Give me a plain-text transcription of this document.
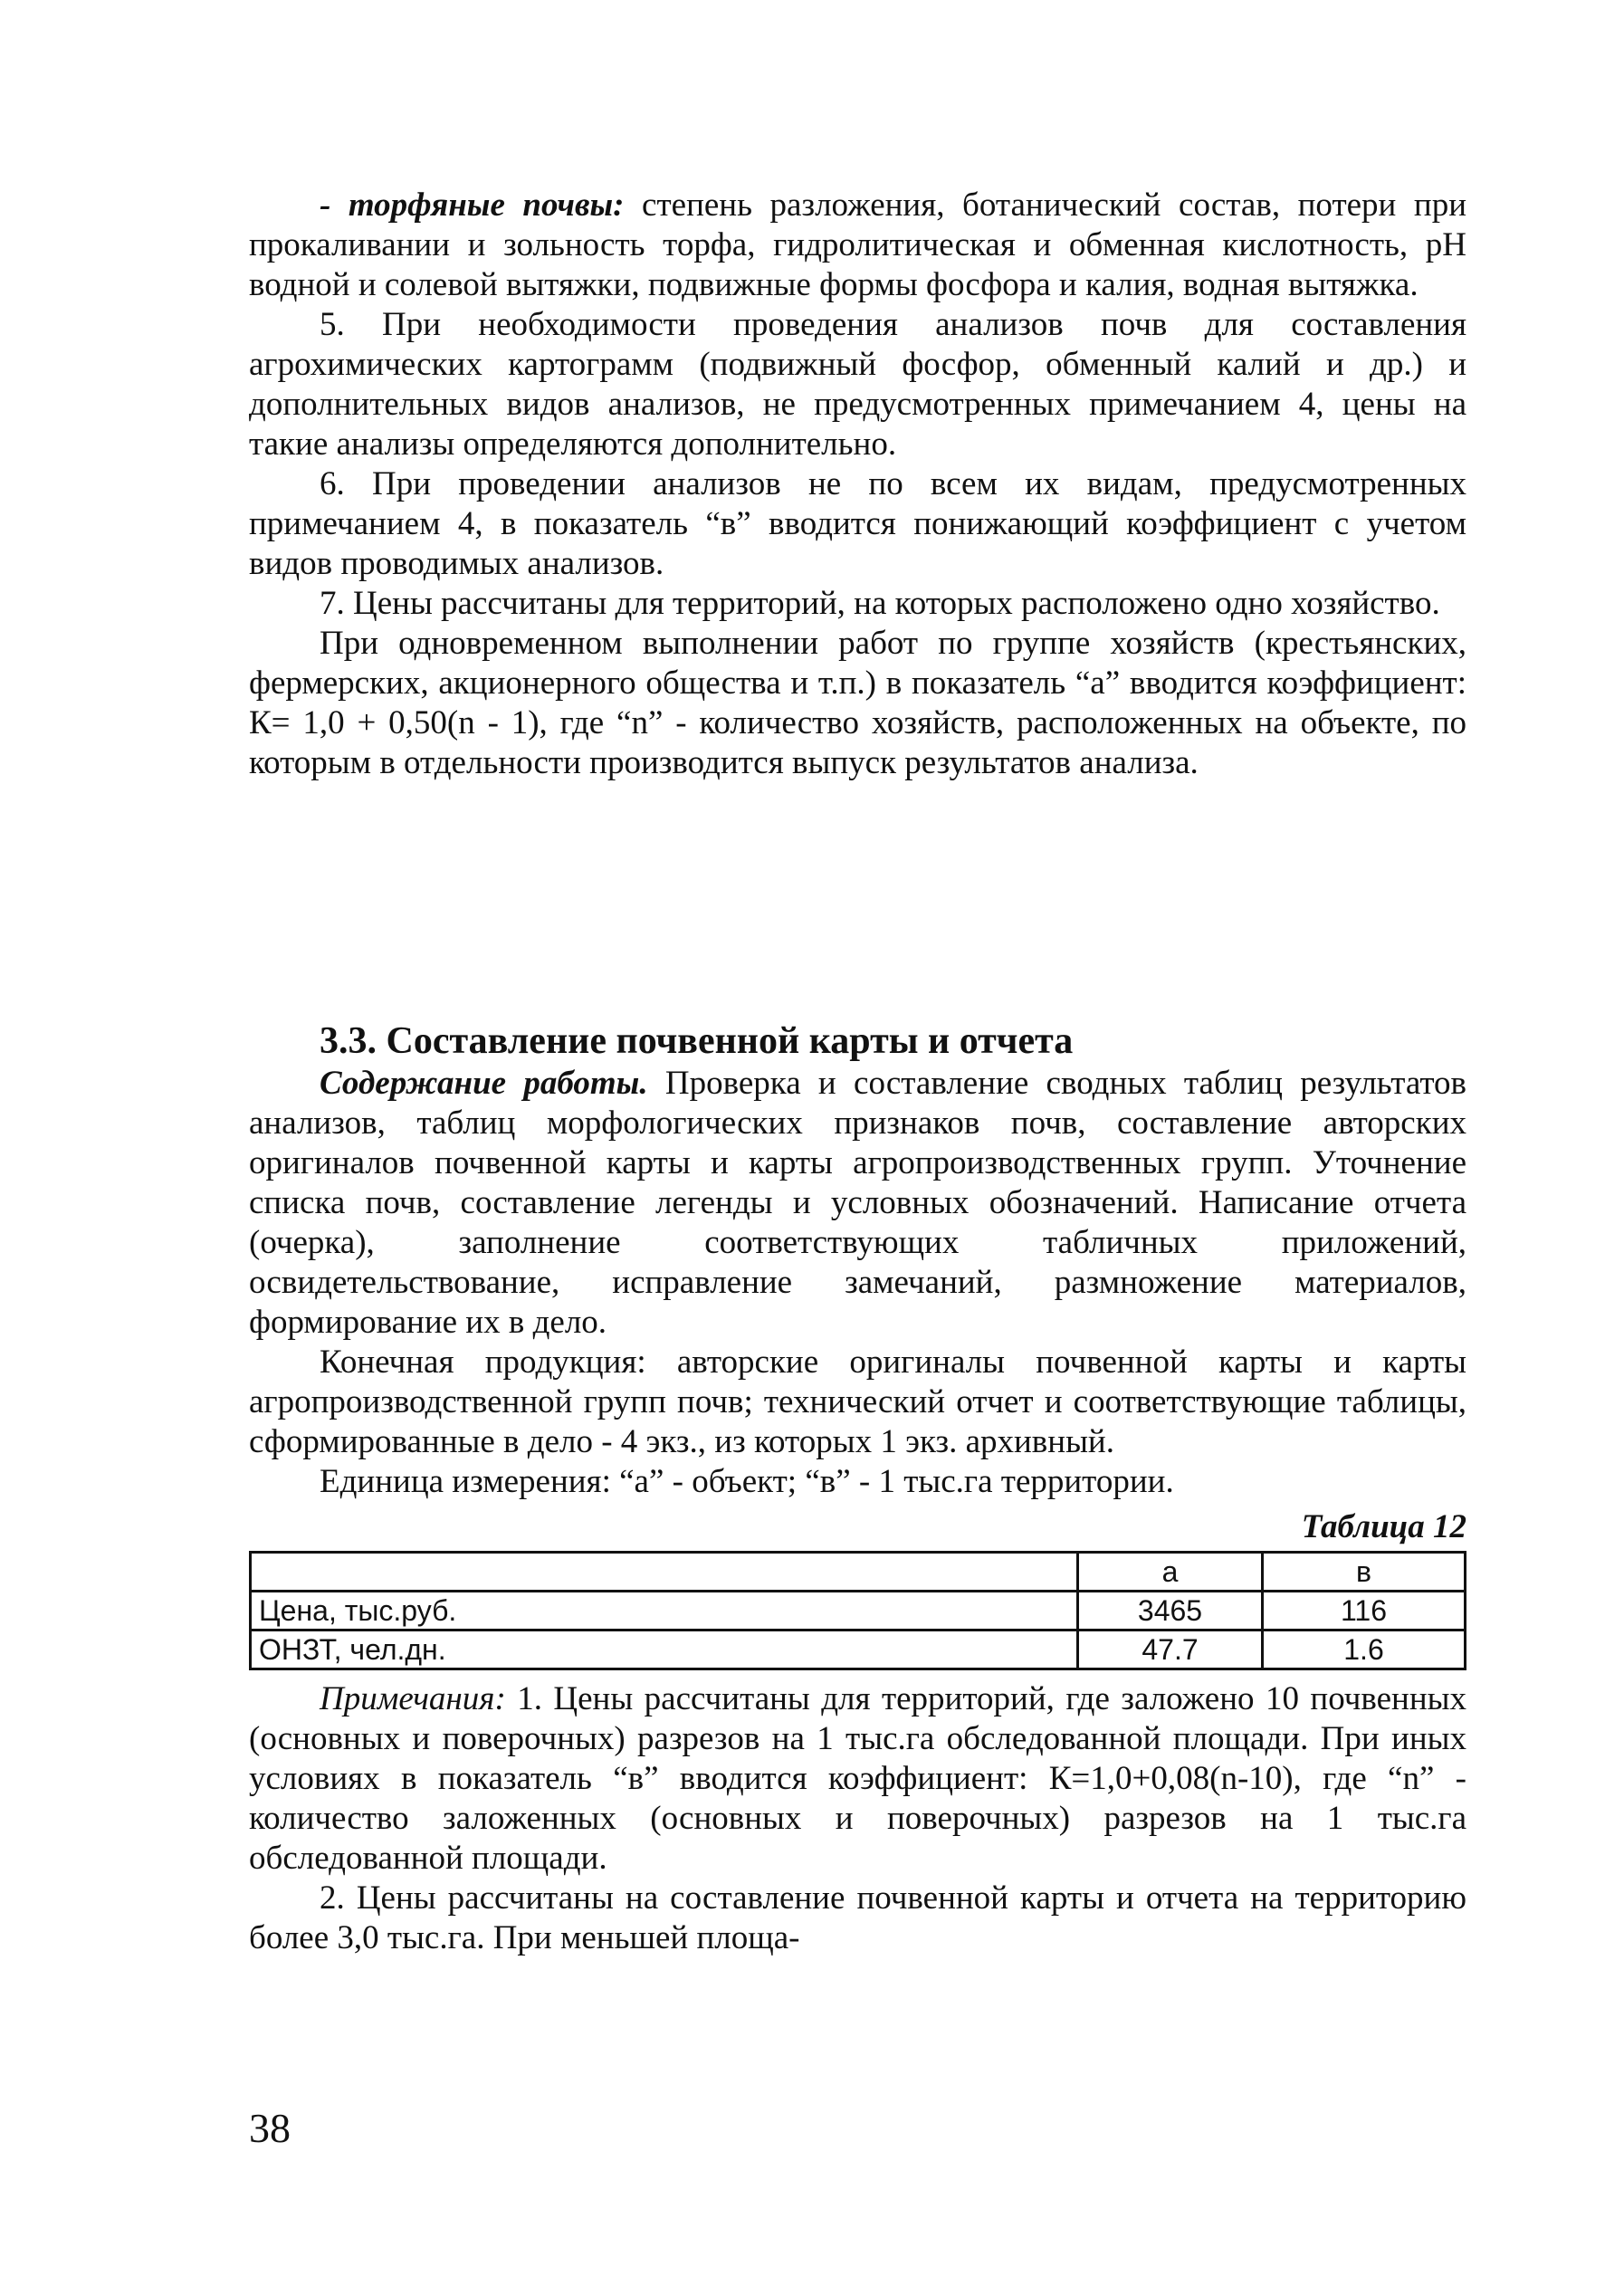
- торфяные почвы: степень разложения, ботанический состав, потери при прокаливании и зольность торфа, гидролитическая и обменная кислотность, pH водной и солевой вытяжки, подвижные формы фосфора и калия, водная вытяжка.

5. При необходимости проведения анализов почв для составления агрохимических картограмм (подвижный фосфор, обменный калий и др.) и дополнительных видов анализов, не предусмотренных примечанием 4, цены на такие анализы определяются дополнительно.

6. При проведении анализов не по всем их видам, предусмотренных примечанием 4, в показатель “в” вводится понижающий коэффициент с учетом видов проводимых анализов.

7. Цены рассчитаны для территорий, на которых расположено одно хозяйство.

При одновременном выполнении работ по группе хозяйств (крестьянских, фермерских, акционерного общества и т.п.) в показатель “а” вводится коэффициент: К= 1,0 + 0,50(n - 1), где “n” - количество хозяйств, расположенных на объекте, по которым в отдельности производится выпуск результатов анализа.

3.3. Составление почвенной карты и отчета

Содержание работы. Проверка и составление сводных таблиц результатов анализов, таблиц морфологических признаков почв, составление авторских оригиналов почвенной карты и карты агропроизводственных групп. Уточнение списка почв, составление легенды и условных обозначений. Написание отчета (очерка), заполнение соответствующих табличных приложений, освидетельствование, исправление замечаний, размножение материалов, формирование их в дело.

Конечная продукция: авторские оригиналы почвенной карты и карты агропроизводственной групп почв; технический отчет и соответствующие таблицы, сформированные в дело - 4 экз., из которых 1 экз. архивный.

Единица измерения: “а” - объект; “в” - 1 тыс.га территории.

Таблица 12
	а	в
Цена, тыс.руб.	3465	116
ОНЗТ, чел.дн.	47.7	1.6

Примечания: 1. Цены рассчитаны для территорий, где заложено 10 почвенных (основных и поверочных) разрезов на 1 тыс.га обследованной площади. При иных условиях в показатель “в” вводится коэффициент: К=1,0+0,08(n-10), где “n” - количество заложенных (основных и поверочных) разрезов на 1 тыс.га обследованной площади.

2. Цены рассчитаны на составление почвенной карты и отчета на территорию более 3,0 тыс.га. При меньшей площа-

38
